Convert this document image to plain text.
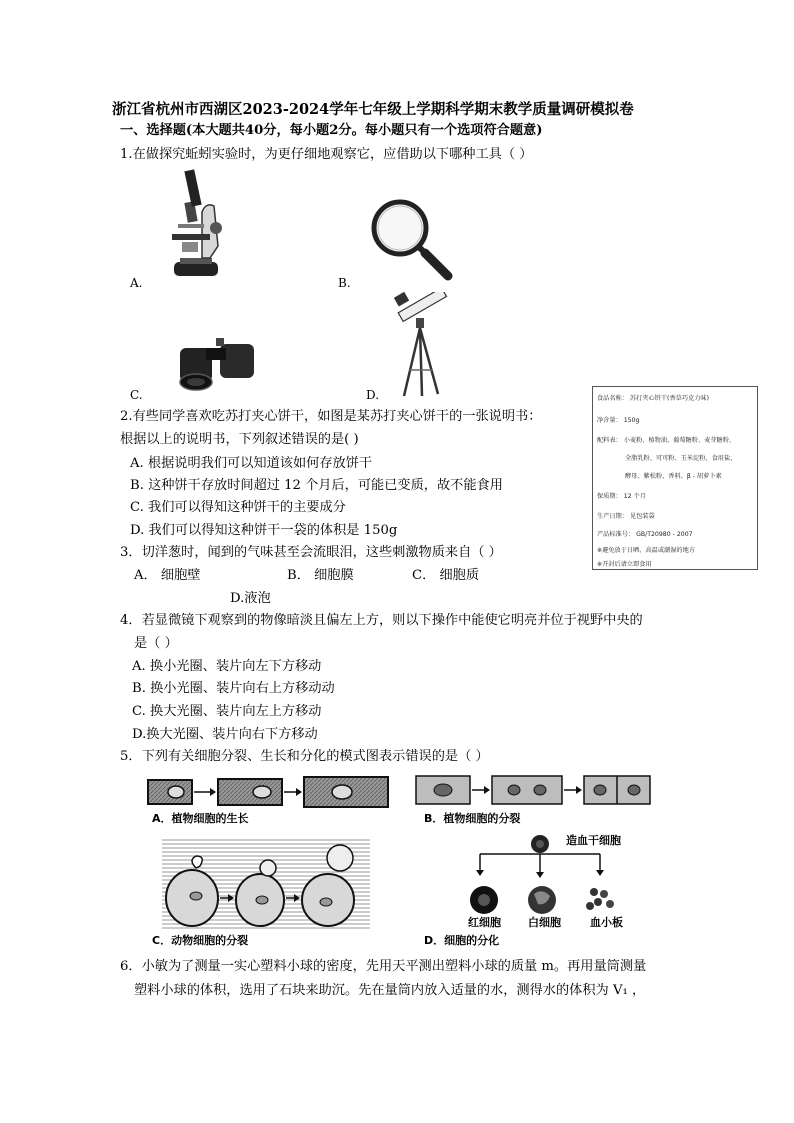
浙江省杭州市西湖区2023-2024学年七年级上学期科学期末教学质量调研模拟卷
一、选择题(本大题共40分，每小题2分。每小题只有一个选项符合题意)
1.在做探究蚯蚓实验时，为更仔细地观察它，应借助以下哪种工具（ ）
A.	B.
C.	D.	食品名称： 苏打夹心饼干(香草巧克力味)
净含量： 150g
配料表： 小麦粉、植物油、葡萄糖粉、麦芽糖粉、
全脂乳粉、可可粉、玉米淀粉、食用盐、
酵母、紫松粉、香料、β - 胡萝卜素
保质期： 12 个月
生产日期： 见包装袋
产品标准号： GB/T20980 - 2007
※避免放于日晒、高温或潮湿的地方
※开封后请立即食用
2.有些同学喜欢吃苏打夹心饼干，如图是某苏打夹心饼干的一张说明书：
根据以上的说明书，下列叙述错误的是( )
A. 根据说明我们可以知道该如何存放饼干
B. 这种饼干存放时间超过 12 个月后，可能已变质，故不能食用
C. 我们可以得知这种饼干的主要成分
D. 我们可以得知这种饼干一袋的体积是 150g
3．切洋葱时，闻到的气味甚至会流眼泪，这些刺激物质来自（ ）
A． 细胞壁	B． 细胞膜	C． 细胞质
D.液泡
4．若显微镜下观察到的物像暗淡且偏左上方，则以下操作中能使它明亮并位于视野中央的
是（ ）
A. 换小光圈、装片向左下方移动
B. 换小光圈、装片向右上方移动动
C. 换大光圈、装片向左上方移动
D.换大光圈、装片向右下方移动
5．下列有关细胞分裂、生长和分化的模式图表示错误的是（ ）
A．植物细胞的生长	B．植物细胞的分裂
C．动物细胞的分裂
造血干细胞
红细胞 白细胞	血小板
D．细胞的分化
6．小敏为了测量一实心塑料小球的密度，先用天平测出塑料小球的质量 m。再用量筒测量
塑料小球的体积，选用了石块来助沉。先在量筒内放入适量的水，测得水的体积为 V₁ ，
